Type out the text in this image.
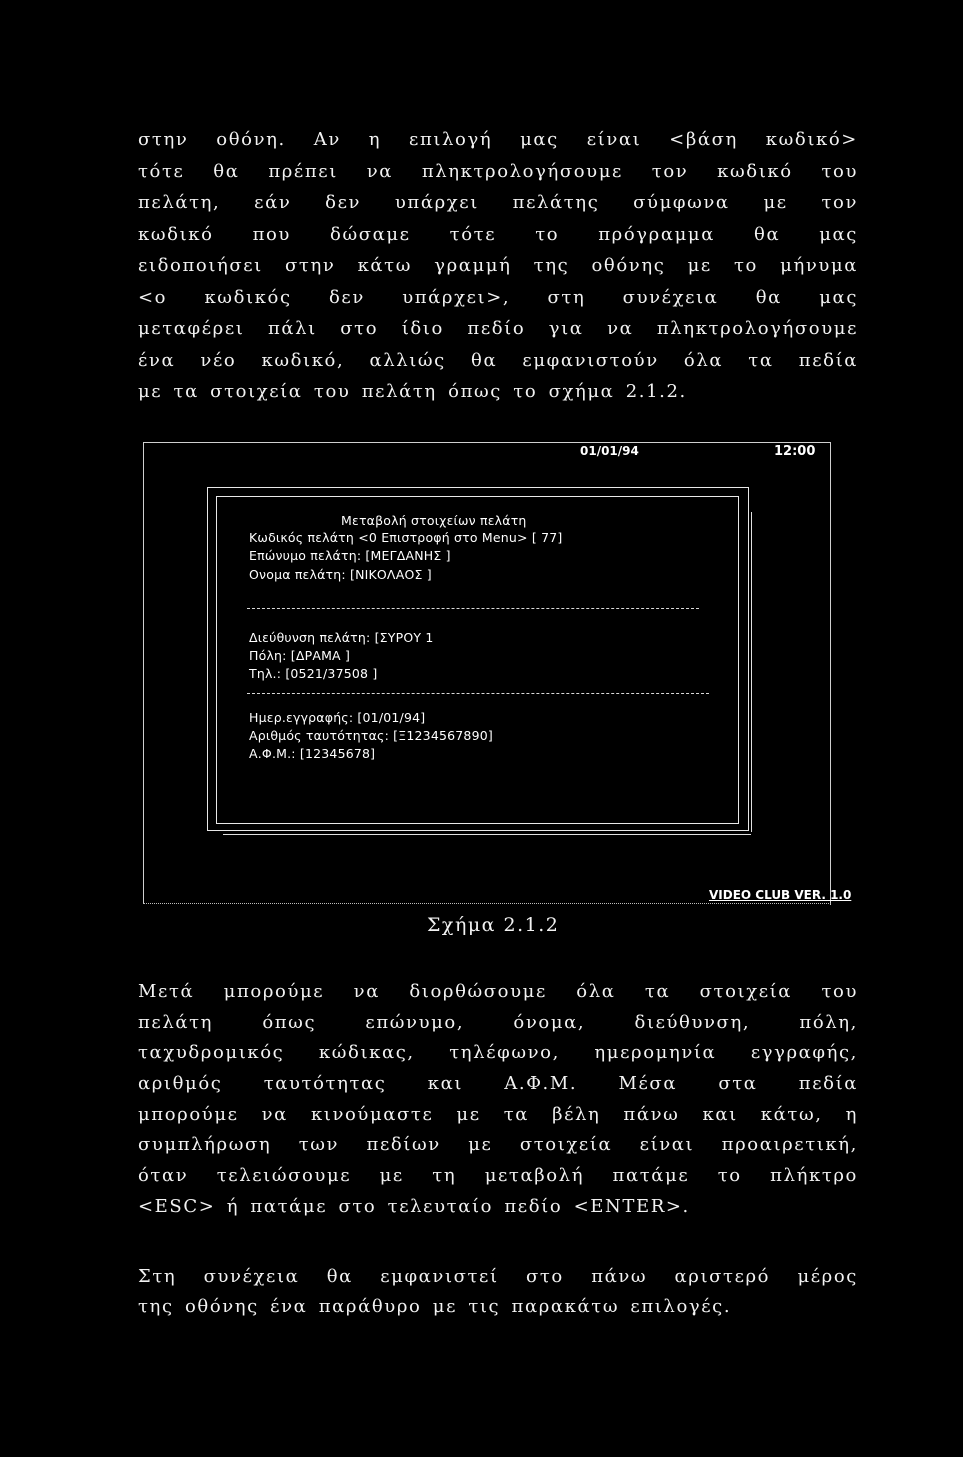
στην οθόνη. Αν η επιλογή μας είναι <βάση κωδικό>
τότε θα πρέπει να πληκτρολογήσουμε τον κωδικό του
πελάτη, εάν δεν υπάρχει πελάτης σύμφωνα με τον
κωδικό που δώσαμε τότε το πρόγραμμα θα μας
ειδοποιήσει στην κάτω γραμμή της οθόνης με το μήνυμα
<ο κωδικός δεν υπάρχει>, στη συνέχεια θα μας
μεταφέρει πάλι στο ίδιο πεδίο για να πληκτρολογήσουμε
ένα νέο κωδικό, αλλιώς θα εμφανιστούν όλα τα πεδία
με τα στοιχεία του πελάτη όπως το σχήμα 2.1.2.
01/01/94	12:00
Μεταβολή στοιχείων πελάτη
Κωδικός πελάτη <0 Επιστροφή στο Menu> [ 77]
Επώνυμο πελάτη: [ΜΕΓΔΑΝΗΣ ]
Ονομα πελάτη: [ΝΙΚΟΛΑΟΣ ]
Διεύθυνση πελάτη: [ΣΥΡΟΥ 1
Πόλη: [ΔΡΑΜΑ ]
Τηλ.: [0521/37508 ]
Ημερ.εγγραφής: [01/01/94]
Αριθμός ταυτότητας: [Ξ1234567890]
Α.Φ.Μ.: [12345678]
VIDEO CLUB VER. 1.0
Σχήμα 2.1.2
Μετά μπορούμε να διορθώσουμε όλα τα στοιχεία του
πελάτη όπως επώνυμο, όνομα, διεύθυνση, πόλη,
ταχυδρομικός κώδικας, τηλέφωνο, ημερομηνία εγγραφής,
αριθμός ταυτότητας και Α.Φ.Μ. Μέσα στα πεδία
μπορούμε να κινούμαστε με τα βέλη πάνω και κάτω, η
συμπλήρωση των πεδίων με στοιχεία είναι προαιρετική,
όταν τελειώσουμε με τη μεταβολή πατάμε το πλήκτρο
<ESC> ή πατάμε στο τελευταίο πεδίο <ENTER>.
Στη συνέχεια θα εμφανιστεί στο πάνω αριστερό μέρος
της οθόνης ένα παράθυρο με τις παρακάτω επιλογές.
